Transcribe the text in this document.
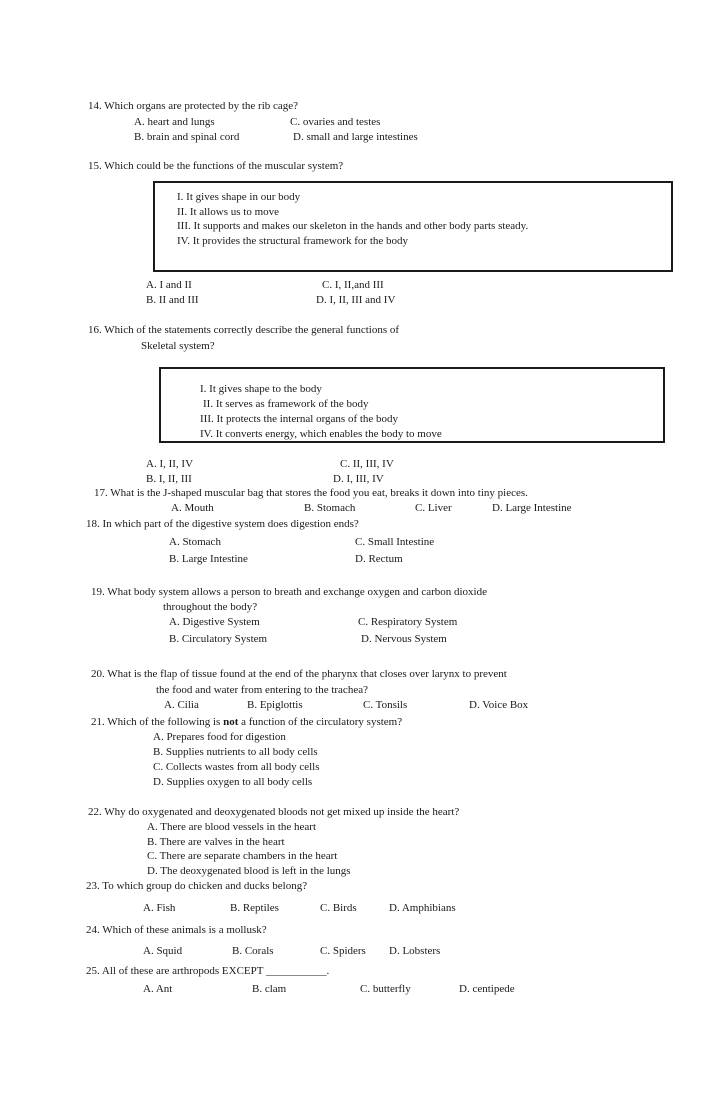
14. Which organs are protected by the rib cage?
A. heart and lungs	C. ovaries and testes
B. brain and spinal cord	D. small and large intestines
15. Which could be the functions of the muscular system?
I. It gives shape in our body
II. It allows us to move
III. It supports and makes our skeleton in the hands and other body parts steady.
IV. It provides the structural framework for the body
A. I and II	C. I, II,and III
B. II and III	D. I, II, III and IV
16. Which of the statements correctly describe the general functions of
Skeletal system?
I. It gives shape to the body
II. It serves as framework of the body
III. It protects the internal organs of the body
IV. It converts energy, which enables the body to move
A. I, II, IV	C. II, III, IV
B. I, II, III	D. I, III, IV
17. What is the J-shaped muscular bag that stores the food you eat, breaks it down into tiny pieces.
A. Mouth	B. Stomach	C. Liver	D. Large Intestine
18. In which part of the digestive system does digestion ends?
A. Stomach	C. Small Intestine
B. Large Intestine	D. Rectum
19. What body system allows a person to breath and exchange oxygen and carbon dioxide
throughout the body?
A. Digestive System	C. Respiratory System
B. Circulatory System	D. Nervous System
20. What is the flap of tissue found at the end of the pharynx that closes over larynx to prevent
the food and water from entering to the trachea?
A. Cilia	B. Epiglottis	C. Tonsils	D. Voice Box
21. Which of the following is not a function of the circulatory system?
A. Prepares food for digestion
B. Supplies nutrients to all body cells
C. Collects wastes from all body cells
D. Supplies oxygen to all body cells
22. Why do oxygenated and deoxygenated bloods not get mixed up inside the heart?
A. There are blood vessels in the heart
B. There are valves in the heart
C. There are separate chambers in the heart
D. The deoxygenated blood is left in the lungs
23. To which group do chicken and ducks belong?
A. Fish	B. Reptiles	C. Birds	D. Amphibians
24. Which of these animals is a mollusk?
A. Squid	B. Corals	C. Spiders D. Lobsters
25. All of these are arthropods EXCEPT ___________.
A. Ant	B. clam	C. butterfly	D. centipede
